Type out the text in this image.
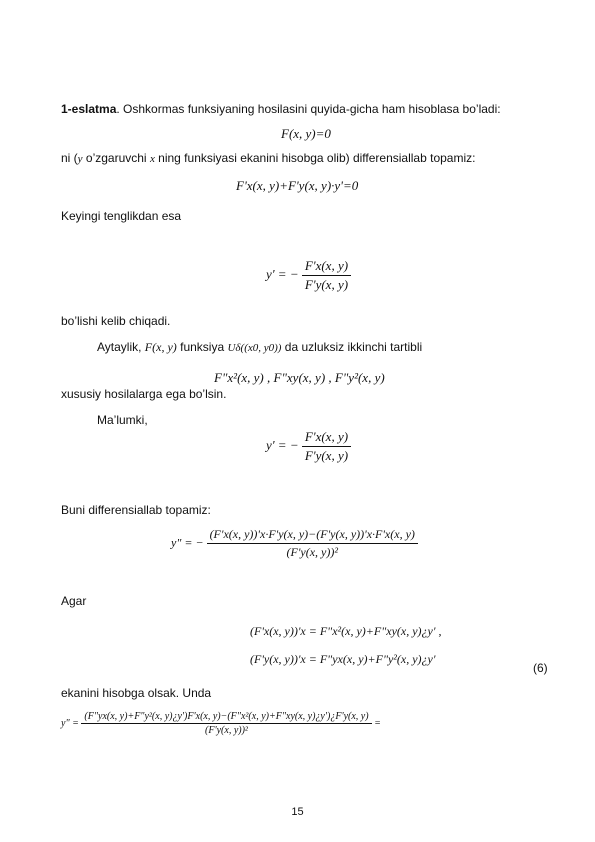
1-eslatma. Oshkormas funksiyaning hosilasini quyida-gicha ham hisoblasa bo’ladi:
F(x, y)=0
ni (y o’zgaruvchi x ning funksiyasi ekanini hisobga olib) differensiallab topamiz:
F'x(x, y)+F'y(x, y)·y'=0
Keyingi tenglikdan esa
y' = − $\frac{F'x(x, y)}{F'y(x, y)}$
bo’lishi kelib chiqadi.
Aytaylik, F(x, y) funksiya Uδ((x0, y0)) da uzluksiz ikkinchi tartibli
F"x²(x, y) , F"xy(x, y) , F"y²(x, y)
xususiy hosilalarga ega bo’lsin.
Ma’lumki,
y' = − $\frac{F'x(x, y)}{F'y(x, y)}$
Buni differensiallab topamiz:
y" = − $\frac{(F'x(x, y))'x\cdot F'y(x, y)-(F'y(x, y))'x\cdot F'x(x, y)}{\text{(F'y(x, y))²}}$
Agar
(F'x(x, y))'x = F"x²(x, y)+F"xy(x, y)¿y' ,
(F'y(x, y))'x = F"yx(x, y)+F"y²(x, y)¿y'
(6)
ekanini hisobga olsak. Unda
y" =
(F"yx(x, y)+F"y²(x, y)¿y')F'x(x, y)−(F"x²(x, y)+F"xy(x, y)¿y')¿F'y(x, y)
(F'y(x, y))²
=
15
